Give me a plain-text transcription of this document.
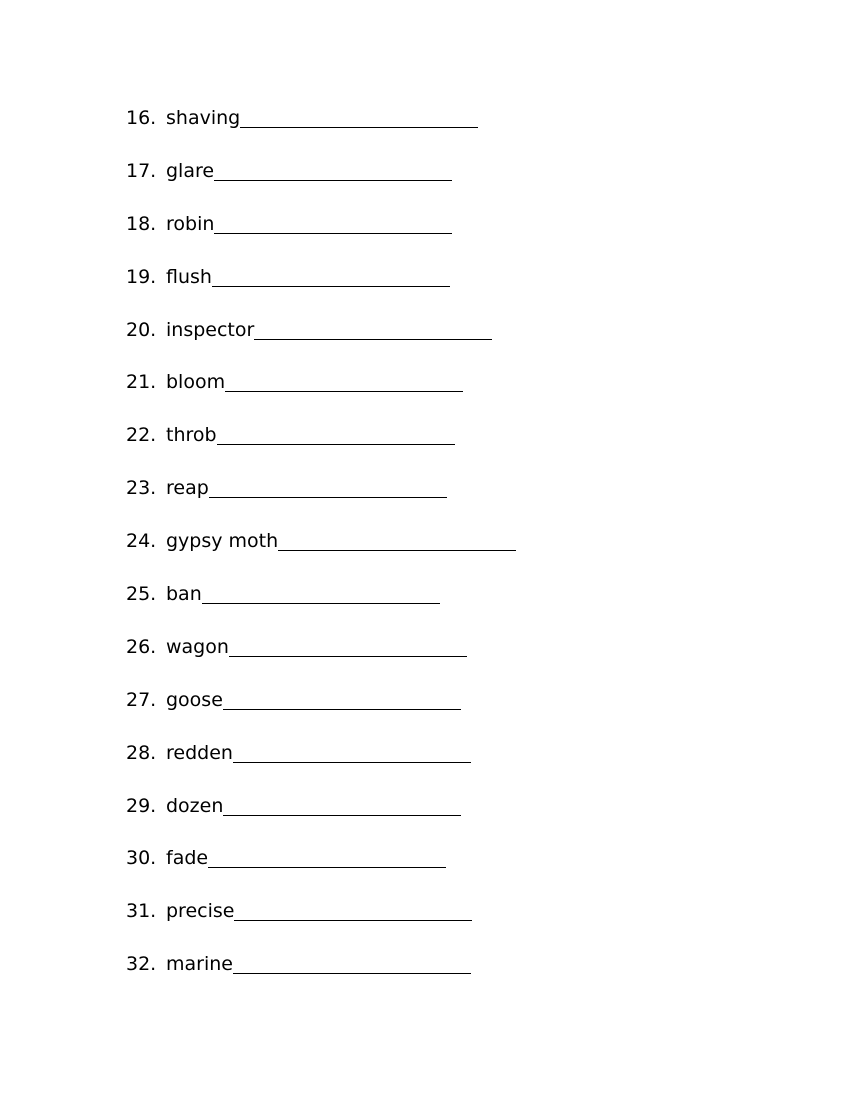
16. shaving
17. glare
18. robin
19. flush
20. inspector
21. bloom
22. throb
23. reap
24. gypsy moth
25. ban
26. wagon
27. goose
28. redden
29. dozen
30. fade
31. precise
32. marine
